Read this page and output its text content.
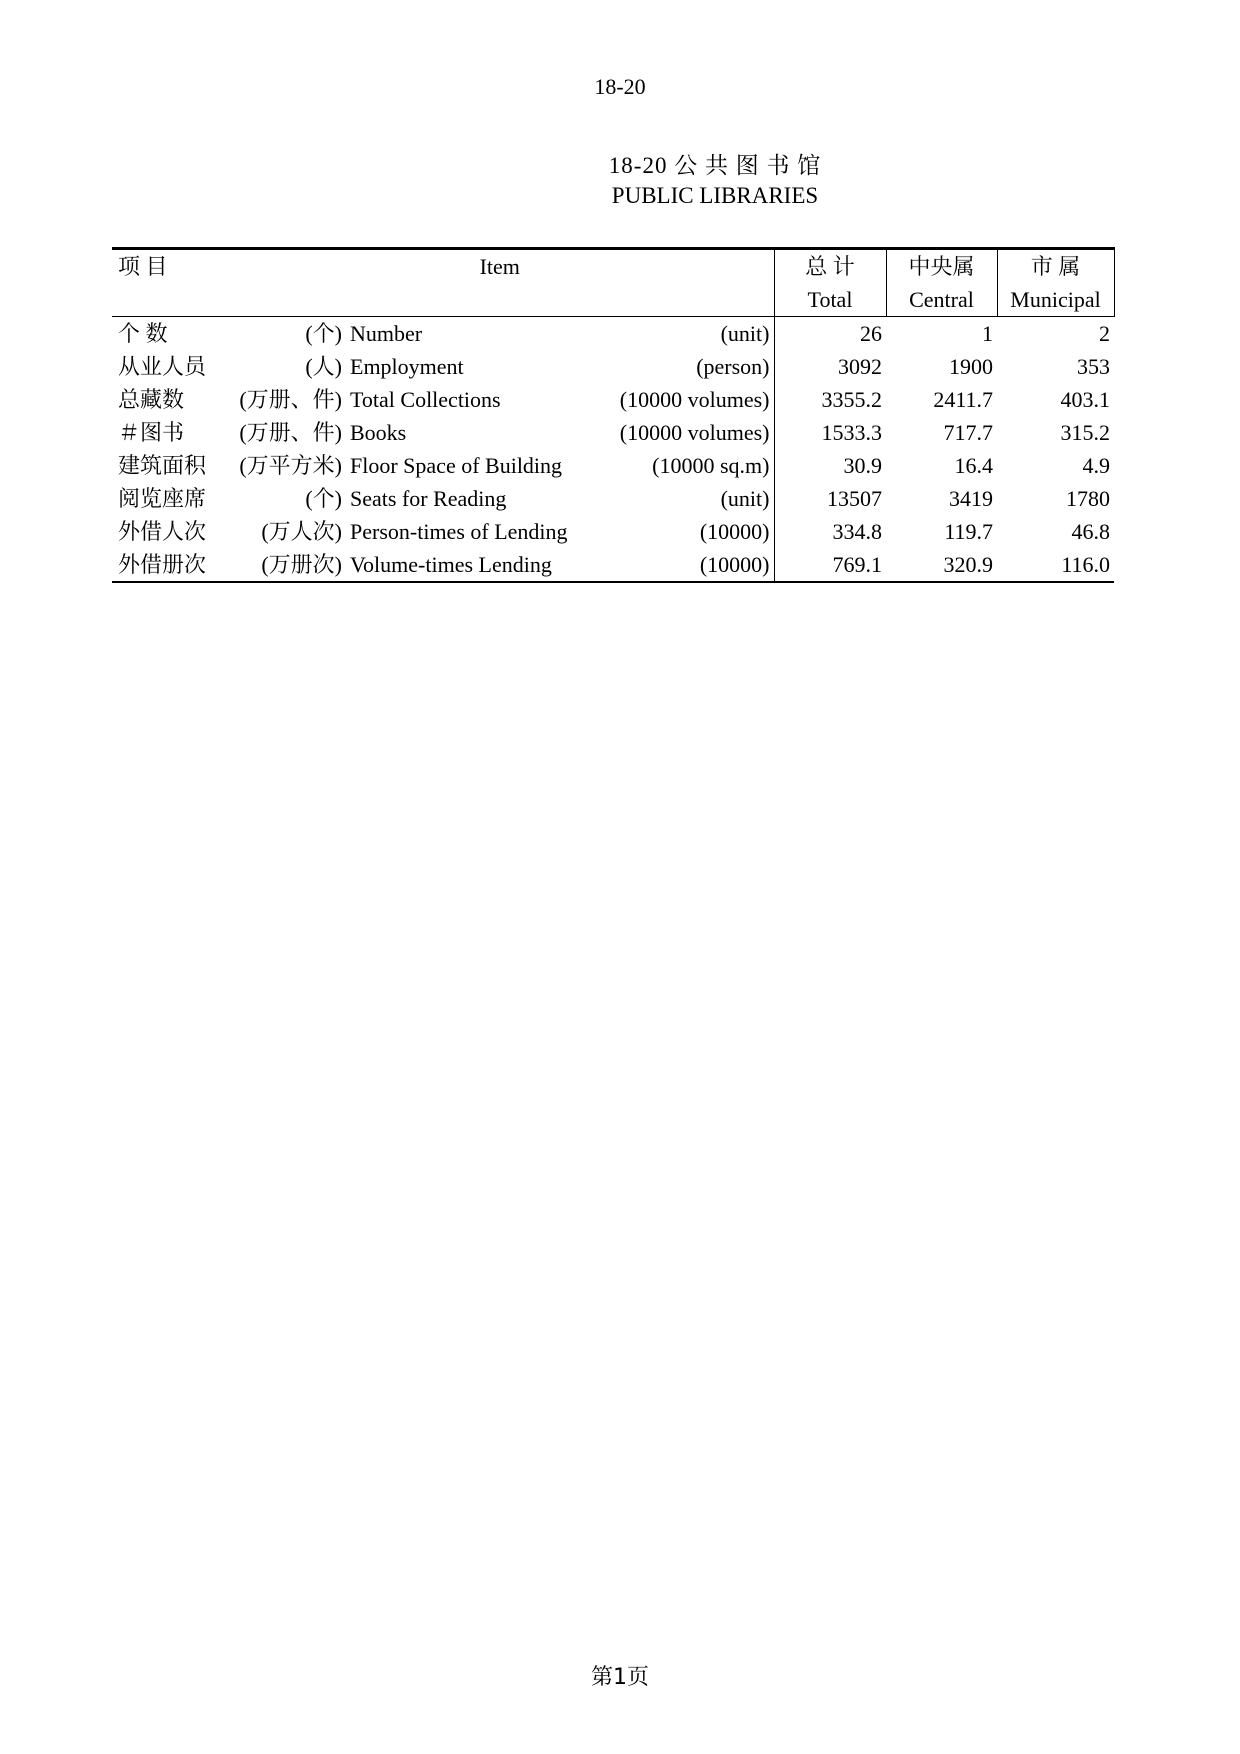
18-20
18-20 公 共 图 书 馆
PUBLIC LIBRARIES
项 目	Item			总 计	中央属	市 属
				Total	Central	Municipal
个 数	(个)	Number	(unit)	26	1	2
从业人员	(人)	Employment	(person)	3092	1900	353
总藏数	(万册、件)	Total Collections	(10000 volumes)	3355.2	2411.7	403.1
＃图书	(万册、件)	Books	(10000 volumes)	1533.3	717.7	315.2
建筑面积	(万平方米)	Floor Space of Building	(10000 sq.m)	30.9	16.4	4.9
阅览座席	(个)	Seats for Reading	(unit)	13507	3419	1780
外借人次	(万人次)	Person-times of Lending	(10000)	334.8	119.7	46.8
外借册次	(万册次)	Volume-times Lending	(10000)	769.1	320.9	116.0
第1页
